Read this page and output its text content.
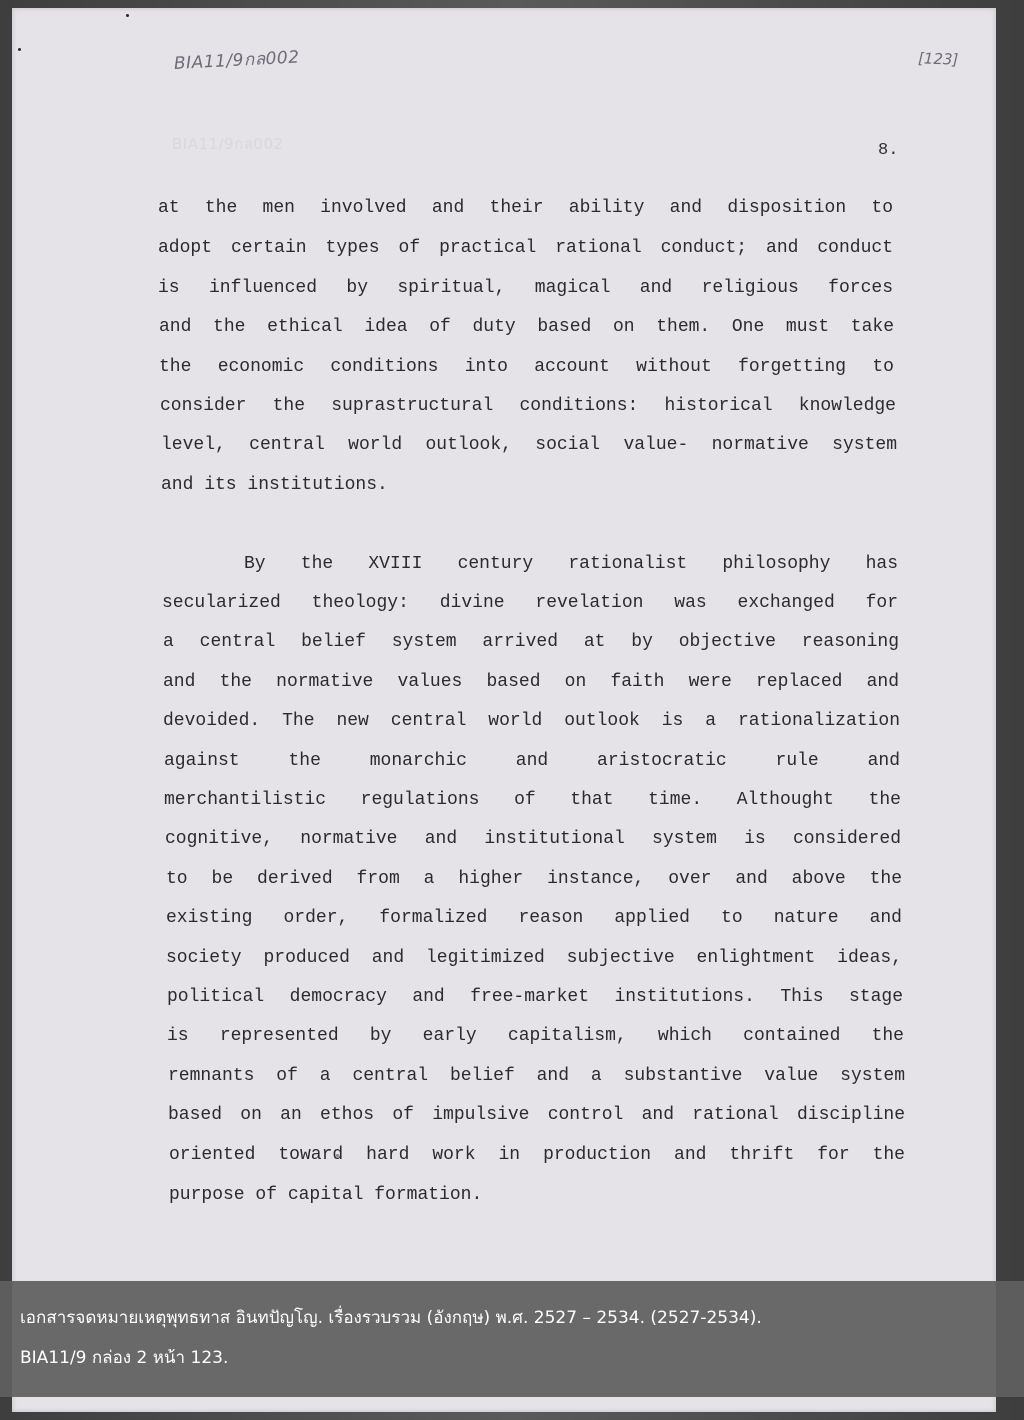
BIA11/9กล002
BIA11/9กล002
[123]
8.
at the men involved and their ability and disposition to
adopt certain types of practical rational conduct; and conduct
is influenced by spiritual, magical and religious forces
and the ethical idea of duty based on them. One must take
the economic conditions into account without forgetting to
consider the suprastructural conditions: historical knowledge
level, central world outlook, social value- normative system
and its institutions.
By the XVIII century rationalist philosophy has
secularized theology: divine revelation was exchanged for
a central belief system arrived at by objective reasoning
and the normative values based on faith were replaced and
devoided. The new central world outlook is a rationalization
against the monarchic and aristocratic rule and
merchantilistic regulations of that time. Althought the
cognitive, normative and institutional system is considered
to be derived from a higher instance, over and above the
existing order, formalized reason applied to nature and
society produced and legitimized subjective enlightment ideas,
political democracy and free-market institutions. This stage
is represented by early capitalism, which contained the
remnants of a central belief and a substantive value system
based on an ethos of impulsive control and rational discipline
oriented toward hard work in production and thrift for the
purpose of capital formation.
เอกสารจดหมายเหตุพุทธทาส อินทปัญโญ. เรื่องรวบรวม (อังกฤษ) พ.ศ. 2527 – 2534. (2527-2534).
BIA11/9 กล่อง 2 หน้า 123.
